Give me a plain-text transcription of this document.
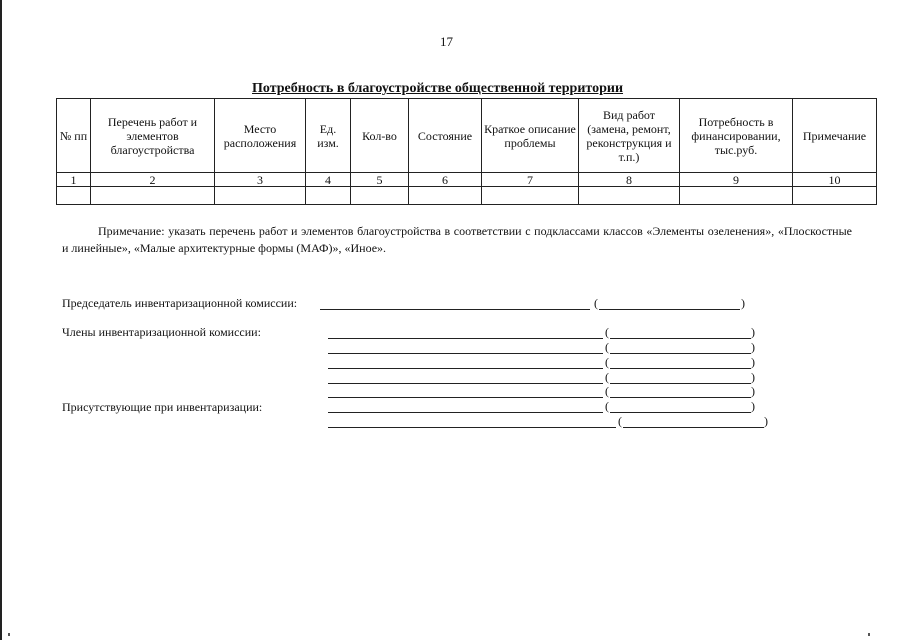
17
Потребность в благоустройстве общественной территории
№ пп	Перечень работ и элементов благоустройства	Место расположения	Ед. изм.	Кол-во	Состояние	Краткое описание проблемы	Вид работ (замена, ремонт, реконструкция и т.п.)	Потребность в финансировании, тыс.руб.	Примечание
1	2	3	4	5	6	7	8	9	10

Примечание: указать перечень работ и элементов благоустройства в соответствии с подклассами классов «Элементы озеленения», «Плоскостные и линейные», «Малые архитектурные формы (МАФ)», «Иное».
Председатель инвентаризационной комиссии:	(	)
Члены инвентаризационной комиссии:	(	)
(	)
(	)
(	)
(	)
Присутствующие при инвентаризации:	(	)
(	)
